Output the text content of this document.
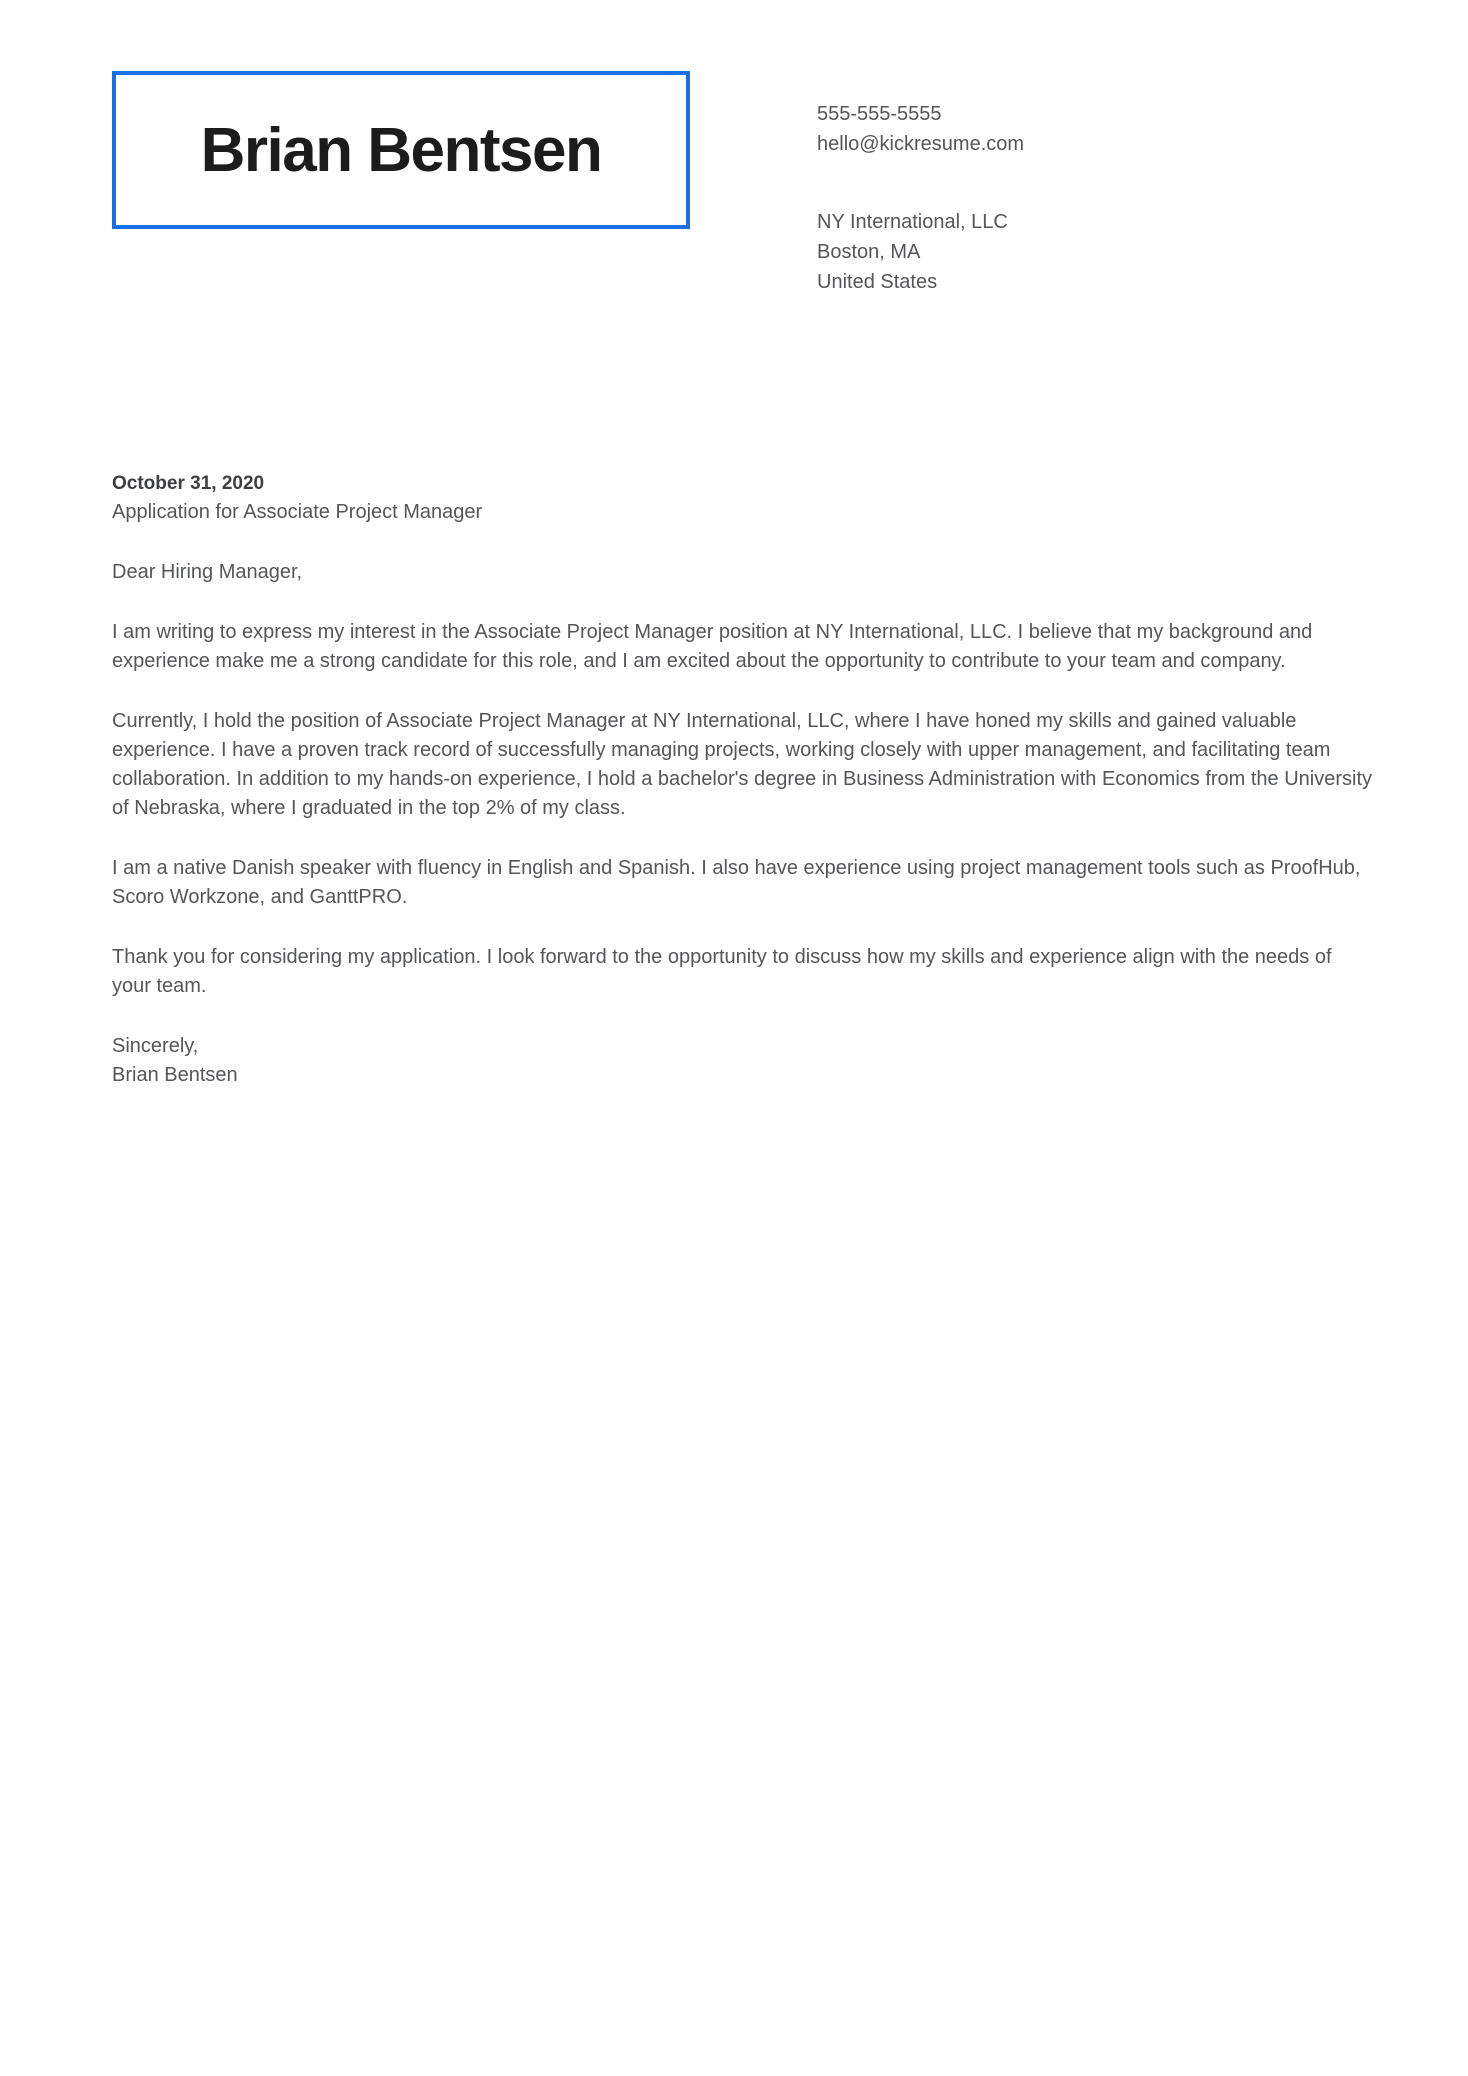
Brian Bentsen
555-555-5555
hello@kickresume.com
NY International, LLC
Boston, MA
United States
October 31, 2020
Application for Associate Project Manager

Dear Hiring Manager,

I am writing to express my interest in the Associate Project Manager position at NY International, LLC. I believe that my background and experience make me a strong candidate for this role, and I am excited about the opportunity to contribute to your team and company.

Currently, I hold the position of Associate Project Manager at NY International, LLC, where I have honed my skills and gained valuable experience. I have a proven track record of successfully managing projects, working closely with upper management, and facilitating team collaboration. In addition to my hands-on experience, I hold a bachelor's degree in Business Administration with Economics from the University of Nebraska, where I graduated in the top 2% of my class.

I am a native Danish speaker with fluency in English and Spanish. I also have experience using project management tools such as ProofHub, Scoro Workzone, and GanttPRO.

Thank you for considering my application. I look forward to the opportunity to discuss how my skills and experience align with the needs of your team.

Sincerely,
Brian Bentsen
